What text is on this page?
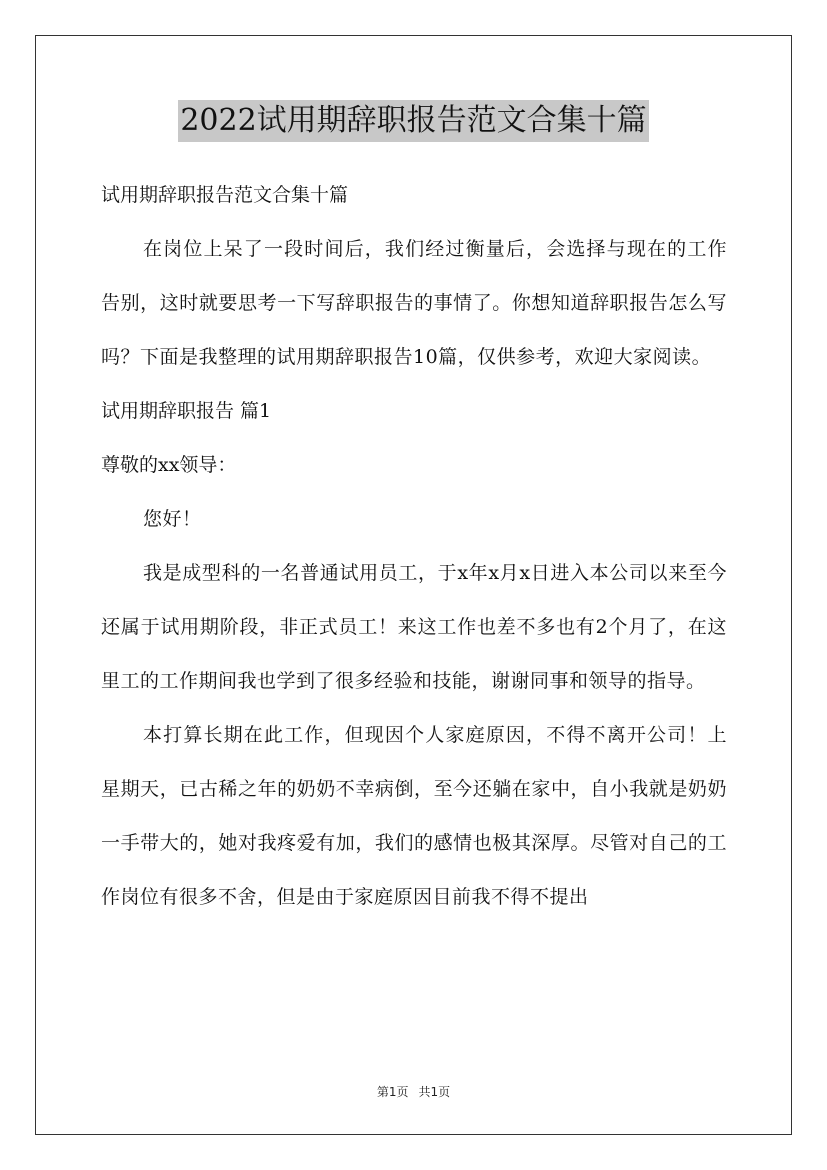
2022试用期辞职报告范文合集十篇
试用期辞职报告范文合集十篇
在岗位上呆了一段时间后，我们经过衡量后，会选择与现在的工作告别，这时就要思考一下写辞职报告的事情了。你想知道辞职报告怎么写吗？下面是我整理的试用期辞职报告10篇，仅供参考，欢迎大家阅读。
试用期辞职报告 篇1
尊敬的xx领导：
您好！
我是成型科的一名普通试用员工，于x年x月x日进入本公司以来至今还属于试用期阶段，非正式员工！来这工作也差不多也有2个月了，在这里工的工作期间我也学到了很多经验和技能，谢谢同事和领导的指导。
本打算长期在此工作，但现因个人家庭原因，不得不离开公司！上星期天，已古稀之年的奶奶不幸病倒，至今还躺在家中，自小我就是奶奶一手带大的，她对我疼爱有加，我们的感情也极其深厚。尽管对自己的工作岗位有很多不舍，但是由于家庭原因目前我不得不提出
第1页 共1页
